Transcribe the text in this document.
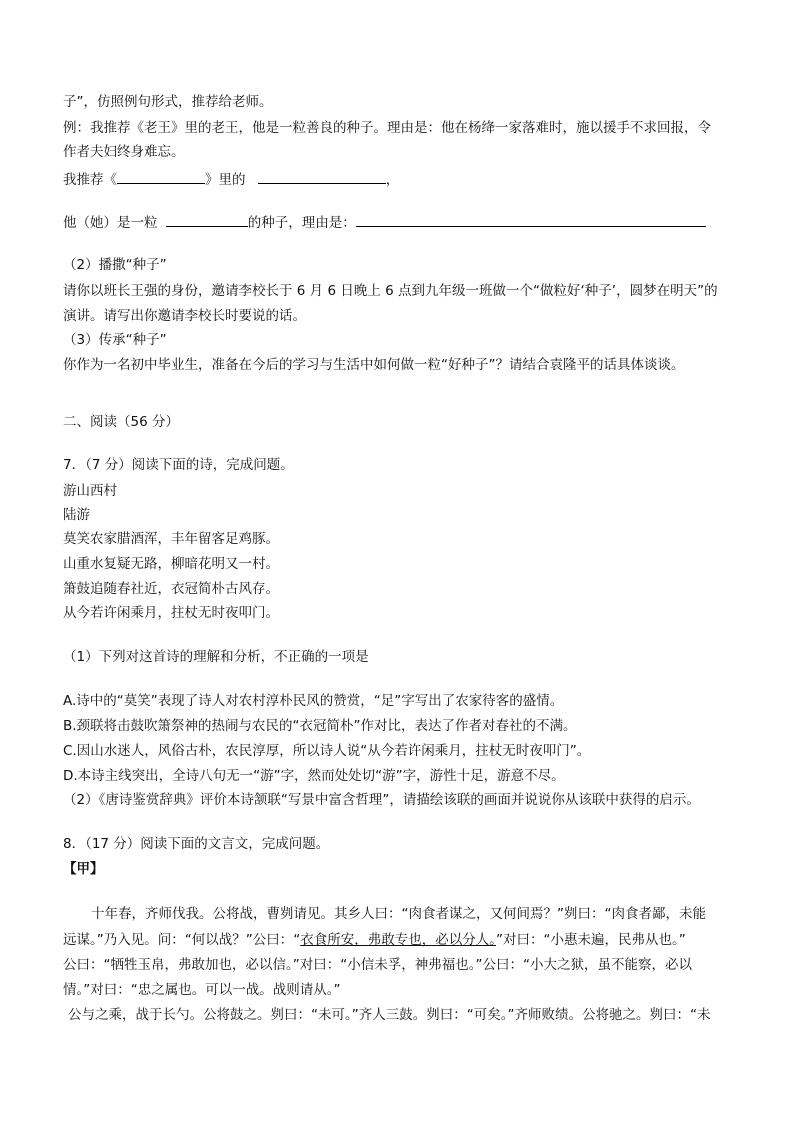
子”，仿照例句形式，推荐给老师。
例：我推荐《老王》里的老王，他是一粒善良的种子。理由是：他在杨绛一家落难时，施以援手不求回报，令
作者夫妇终身难忘。
我推荐《	》里的	，
他（她）是一粒	的种子，理由是：
（2）播撒“种子”
请你以班长王强的身份，邀请李校长于 6 月 6 日晚上 6 点到九年级一班做一个“做粒好‘种子’，圆梦在明天”的
演讲。请写出你邀请李校长时要说的话。
（3）传承“种子”
你作为一名初中毕业生，准备在今后的学习与生活中如何做一粒“好种子”？请结合袁隆平的话具体谈谈。
二、阅读（56 分）
7．（7 分）阅读下面的诗，完成问题。
游山西村
陆游
莫笑农家腊酒浑，丰年留客足鸡豚。
山重水复疑无路，柳暗花明又一村。
箫鼓追随春社近，衣冠简朴古风存。
从今若许闲乘月，拄杖无时夜叩门。
（1）下列对这首诗的理解和分析，不正确的一项是
A.诗中的“莫笑”表现了诗人对农村淳朴民风的赞赏，“足”字写出了农家待客的盛情。
B.颈联将击鼓吹箫祭神的热闹与农民的“衣冠简朴”作对比，表达了作者对春社的不满。
C.因山水迷人，风俗古朴，农民淳厚，所以诗人说“从今若许闲乘月，拄杖无时夜叩门”。
D.本诗主线突出，全诗八句无一“游”字，然而处处切“游”字，游性十足，游意不尽。
（2）《唐诗鉴赏辞典》评价本诗颔联“写景中富含哲理”，请描绘该联的画面并说说你从该联中获得的启示。
8．（17 分）阅读下面的文言文，完成问题。
【甲】
十年春，齐师伐我。公将战，曹刿请见。其乡人曰：“肉食者谋之，又何间焉？”刿曰：“肉食者鄙，未能
远谋。”乃入见。问：“何以战？”公曰：“衣食所安，弗敢专也，必以分人。”对曰：“小惠未遍，民弗从也。”
公曰：“牺牲玉帛，弗敢加也，必以信。”对曰：“小信未孚，神弗福也。”公曰：“小大之狱，虽不能察，必以
情。”对曰：“忠之属也。可以一战。战则请从。”
公与之乘，战于长勺。公将鼓之。刿曰：“未可。”齐人三鼓。刿曰：“可矣。”齐师败绩。公将驰之。刿曰：“未
